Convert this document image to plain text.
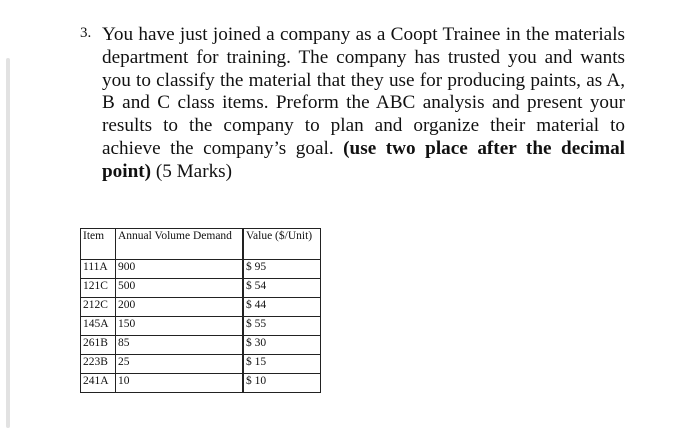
3. You have just joined a company as a Coopt Trainee in the materials department for training. The company has trusted you and wants you to classify the material that they use for producing paints, as A, B and C class items. Preform the ABC analysis and present your results to the company to plan and organize their material to achieve the company’s goal. (use two place after the decimal point) (5 Marks)

Item	Annual Volume Demand		Value ($/Unit)
111A	900		$ 95
121C	500		$ 54
212C	200		$ 44
145A	150		$ 55
261B	85		$ 30
223B	25		$ 15
241A	10		$ 10
